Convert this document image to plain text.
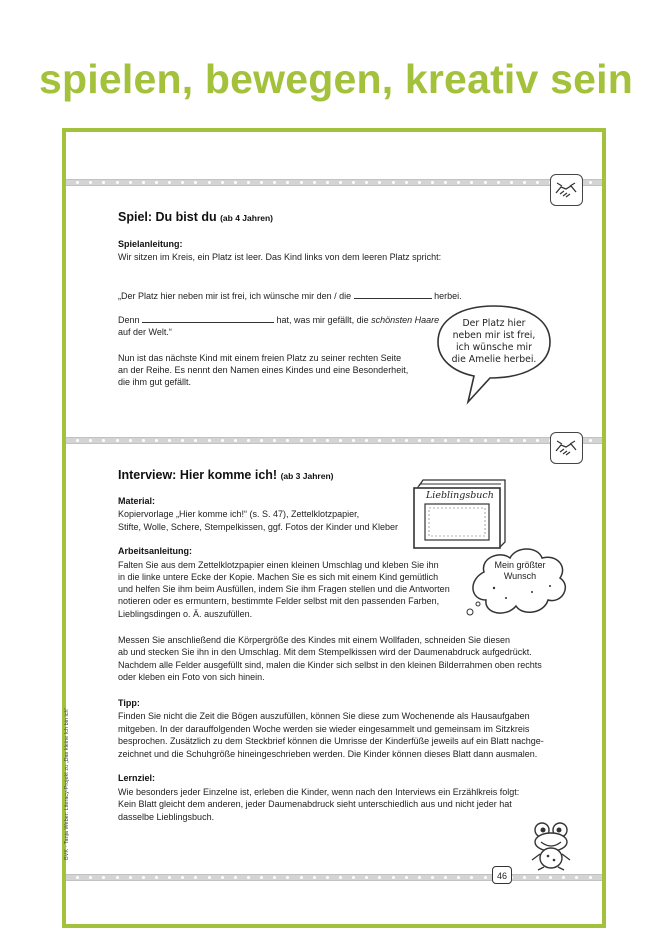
spielen, bewegen, kreativ sein
Spiel: Du bist du (ab 4 Jahren)
Spielanleitung:
Wir sitzen im Kreis, ein Platz ist leer. Das Kind links von dem leeren Platz spricht:
„Der Platz hier neben mir ist frei, ich wünsche mir den / die	herbei.
Denn	hat, was mir gefällt, die schönsten Haare
auf der Welt.“
Nun ist das nächste Kind mit einem freien Platz zu seiner rechten Seite
an der Reihe. Es nennt den Namen eines Kindes und eine Besonderheit,
die ihm gut gefällt.
Der Platz hier
neben mir ist frei,
ich wünsche mir
die Amelie herbei.
Interview: Hier komme ich! (ab 3 Jahren)
Material:
Kopiervorlage „Hier komme ich!“ (s. S. 47), Zettelklotzpapier,
Stifte, Wolle, Schere, Stempelkissen, ggf. Fotos der Kinder und Kleber
Arbeitsanleitung:
Falten Sie aus dem Zettelklotzpapier einen kleinen Umschlag und kleben Sie ihn
in die linke untere Ecke der Kopie. Machen Sie es sich mit einem Kind gemütlich
und helfen Sie ihm beim Ausfüllen, indem Sie ihm Fragen stellen und die Antworten
notieren oder es ermuntern, bestimmte Felder selbst mit den passenden Farben,
Lieblingsdingen o. Ä. auszufüllen.
Lieblingsbuch
Mein größter
Wunsch
Messen Sie anschließend die Körpergröße des Kindes mit einem Wollfaden, schneiden Sie diesen
ab und stecken Sie ihn in den Umschlag. Mit dem Stempelkissen wird der Daumenabdruck aufgedrückt.
Nachdem alle Felder ausgefüllt sind, malen die Kinder sich selbst in den kleinen Bilderrahmen oben rechts
oder kleben ein Foto von sich hinein.
Tipp:
Finden Sie nicht die Zeit die Bögen auszufüllen, können Sie diese zum Wochenende als Hausaufgaben
mitgeben. In der darauffolgenden Woche werden sie wieder eingesammelt und gemeinsam im Sitzkreis
besprochen. Zusätzlich zu dem Steckbrief können die Umrisse der Kinderfüße jeweils auf ein Blatt nachge-
zeichnet und die Schuhgröße hineingeschrieben werden. Die Kinder können dieses Blatt dann ausmalen.
Lernziel:
Wie besonders jeder Einzelne ist, erleben die Kinder, wenn nach den Interviews ein Erzählkreis folgt:
Kein Blatt gleicht dem anderen, jeder Daumenabdruck sieht unterschiedlich aus und nicht jeder hat
dasselbe Lieblingsbuch.
BVK · Tanja Weber: Literacy-Projekt zu „Das kleine Ich bin ich“
46
